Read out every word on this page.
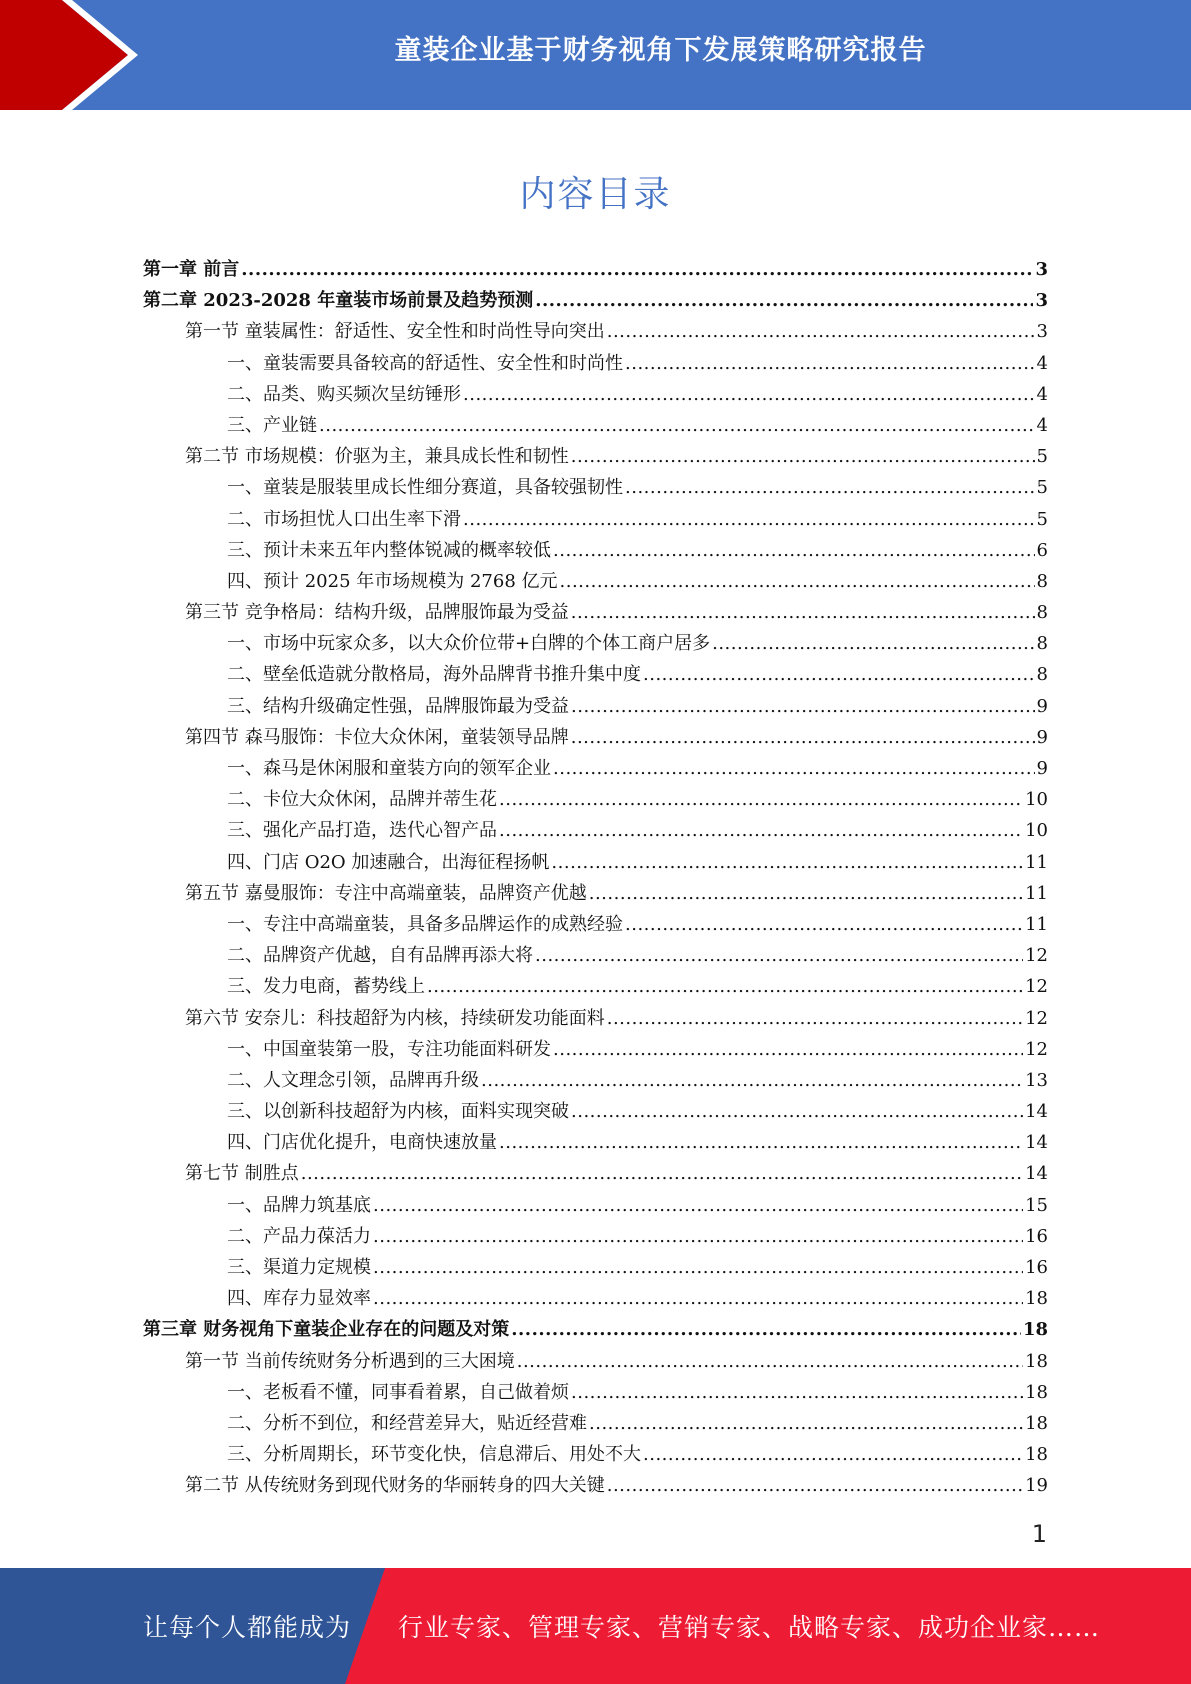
童装企业基于财务视角下发展策略研究报告
内容目录
第一章 前言 .....	3
第二章 2023-2028 年童装市场前景及趋势预测 .....	3
第一节 童装属性：舒适性、安全性和时尚性导向突出 .....	3
一、童装需要具备较高的舒适性、安全性和时尚性 .....	4
二、品类、购买频次呈纺锤形 .....	4
三、产业链 .....	4
第二节 市场规模：价驱为主，兼具成长性和韧性 .....	5
一、童装是服装里成长性细分赛道，具备较强韧性 .....	5
二、市场担忧人口出生率下滑 .....	5
三、预计未来五年内整体锐减的概率较低 .....	6
四、预计 2025 年市场规模为 2768 亿元 .....	8
第三节 竞争格局：结构升级，品牌服饰最为受益 .....	8
一、市场中玩家众多，以大众价位带+白牌的个体工商户居多 .....	8
二、壁垒低造就分散格局，海外品牌背书推升集中度 .....	8
三、结构升级确定性强，品牌服饰最为受益 .....	9
第四节 森马服饰：卡位大众休闲，童装领导品牌 .....	9
一、森马是休闲服和童装方向的领军企业 .....	9
二、卡位大众休闲，品牌并蒂生花 .....	10
三、强化产品打造，迭代心智产品 .....	10
四、门店 O2O 加速融合，出海征程扬帆 .....	11
第五节 嘉曼服饰：专注中高端童装，品牌资产优越 .....	11
一、专注中高端童装，具备多品牌运作的成熟经验 .....	11
二、品牌资产优越，自有品牌再添大将 .....	12
三、发力电商，蓄势线上 .....	12
第六节 安奈儿：科技超舒为内核，持续研发功能面料 .....	12
一、中国童装第一股，专注功能面料研发 .....	12
二、人文理念引领，品牌再升级 .....	13
三、以创新科技超舒为内核，面料实现突破 .....	14
四、门店优化提升，电商快速放量 .....	14
第七节 制胜点 .....	14
一、品牌力筑基底 .....	15
二、产品力葆活力 .....	16
三、渠道力定规模 .....	16
四、库存力显效率 .....	18
第三章 财务视角下童装企业存在的问题及对策 .....	18
第一节 当前传统财务分析遇到的三大困境 .....	18
一、老板看不懂，同事看着累，自己做着烦 .....	18
二、分析不到位，和经营差异大，贴近经营难 .....	18
三、分析周期长，环节变化快，信息滞后、用处不大 .....	18
第二节 从传统财务到现代财务的华丽转身的四大关键 .....	19
1
让每个人都能成为 行业专家、管理专家、营销专家、战略专家、成功企业家……
